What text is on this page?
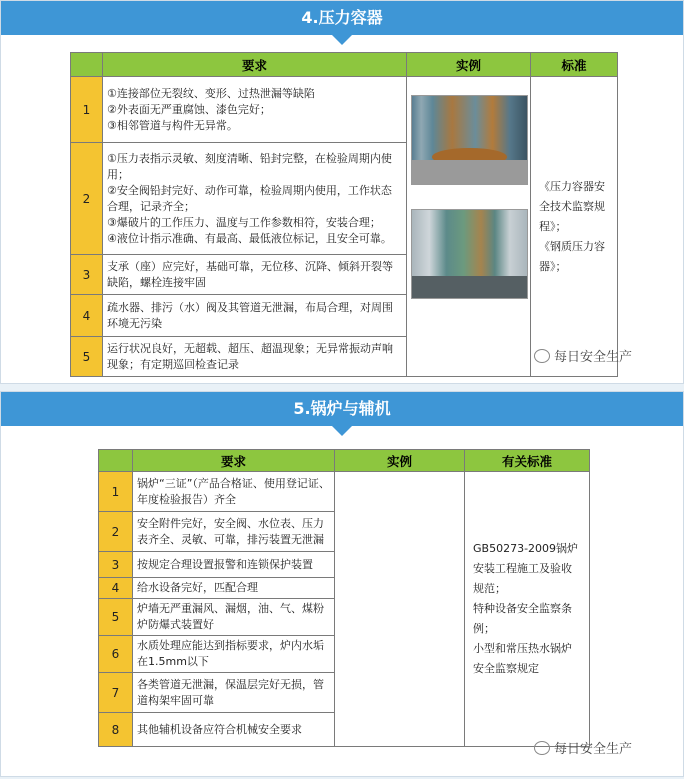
4.压力容器
	要求	实例	标准
1	①连接部位无裂纹、变形、过热泄漏等缺陷
②外表面无严重腐蚀、漆色完好；
③相邻管道与构件无异常。		《压力容器安全技术监察规程》；
《钢质压力容器》；

2	①压力表指示灵敏、刻度清晰、铅封完整，在检验周期内使用；
②安全阀铅封完好、动作可靠，检验周期内使用，工作状态合理，记录齐全；
③爆破片的工作压力、温度与工作参数相符，安装合理；
④液位计指示准确、有最高、最低液位标记，且安全可靠。		

3	支承（座）应完好，基础可靠，无位移、沉降、倾斜开裂等缺陷，螺栓连接牢固		

4	疏水器、排污（水）阀及其管道无泄漏，布局合理，对周围环境无污染		

5	运行状况良好，无超载、超压、超温现象；无异常振动声响现象；有定期巡回检查记录			每日安全生产
5.锅炉与辅机
	要求	实例	有关标准
1	锅炉“三证”（产品合格证、使用登记证、年度检验报告）齐全		GB50273-2009锅炉安装工程施工及验收规范；
特种设备安全监察条例；
小型和常压热水锅炉安全监察规定

2	安全附件完好，安全阀、水位表、压力表齐全、灵敏、可靠，排污装置无泄漏		
3	按规定合理设置报警和连锁保护装置		
4	给水设备完好，匹配合理		
5	炉墙无严重漏风、漏烟，油、气、煤粉炉防爆式装置好		
6	水质处理应能达到指标要求，炉内水垢在1.5mm以下		
7	各类管道无泄漏，保温层完好无损，管道构架牢固可靠		
8	其他辅机设备应符合机械安全要求		
每日安全生产
